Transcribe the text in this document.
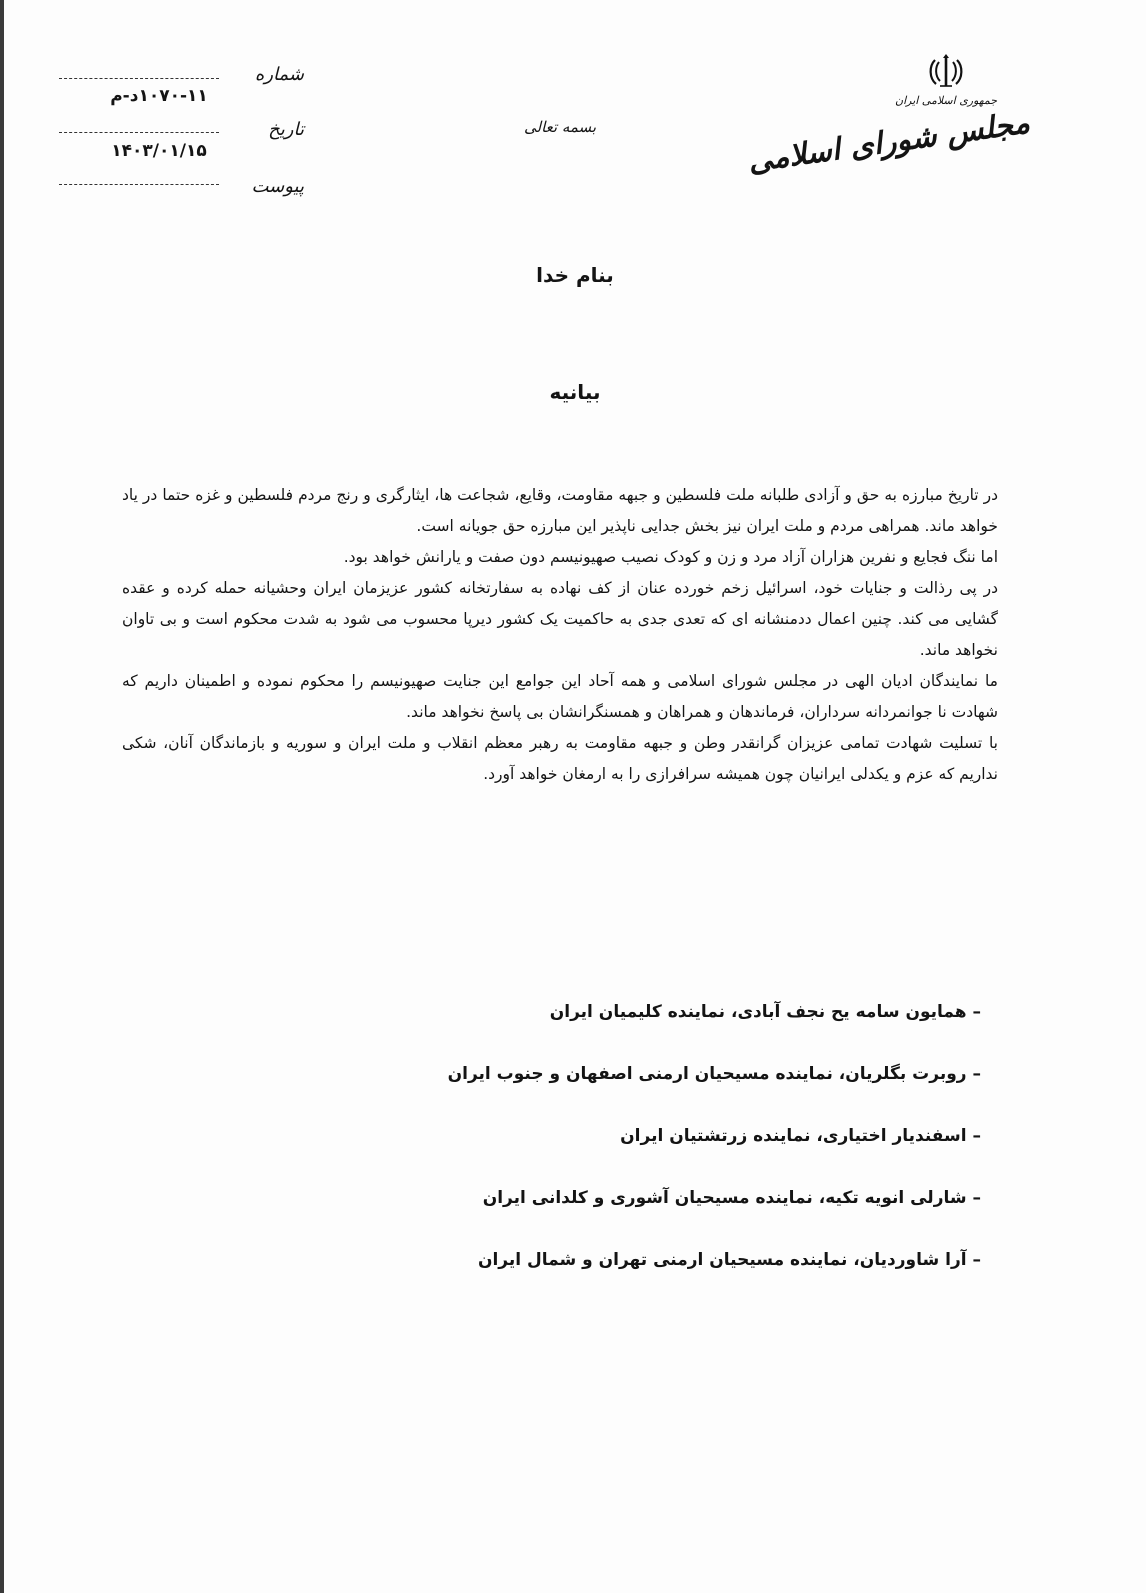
جمهوری اسلامی ایران
مجلس شورای اسلامی
بسمه تعالی
شماره
۱۰۷۰-۱۱د-م
تاریخ
۱۴۰۳/۰۱/۱۵
پیوست
بنام خدا
بیانیه

در تاریخ مبارزه به حق و آزادی طلبانه ملت فلسطین و جبهه مقاومت، وقایع، شجاعت ها، ایثارگری و رنج مردم فلسطین و غزه حتما در یاد خواهد ماند. همراهی مردم و ملت ایران نیز بخش جدایی ناپذیر این مبارزه حق جویانه است.

اما ننگ فجایع و نفرین هزاران آزاد مرد و زن و کودک نصیب صهیونیسم دون صفت و یارانش خواهد بود.

در پی رذالت و جنایات خود، اسرائیل زخم خورده عنان از کف نهاده به سفارتخانه کشور عزیزمان ایران وحشیانه حمله کرده و عقده گشایی می کند. چنین اعمال ددمنشانه ای که تعدی جدی به حاکمیت یک کشور دیرپا محسوب می شود به شدت محکوم است و بی تاوان نخواهد ماند.

ما نمایندگان ادیان الهی در مجلس شورای اسلامی و همه آحاد این جوامع این جنایت صهیونیسم را محکوم نموده و اطمینان داریم که شهادت نا جوانمردانه سرداران، فرماندهان و همراهان و همسنگرانشان بی پاسخ نخواهد ماند.

با تسلیت شهادت تمامی عزیزان گرانقدر وطن و جبهه مقاومت به رهبر معظم انقلاب و ملت ایران و سوریه و بازماندگان آنان، شکی نداریم که عزم و یکدلی ایرانیان چون همیشه سرافرازی را به ارمغان خواهد آورد.

– همایون سامه یح نجف آبادی، نماینده کلیمیان ایران
– روبرت بگلریان، نماینده مسیحیان ارمنی اصفهان و جنوب ایران
– اسفندیار اختیاری، نماینده زرتشتیان ایران
– شارلی انویه تکیه، نماینده مسیحیان آشوری و کلدانی ایران
– آرا شاوردیان، نماینده مسیحیان ارمنی تهران و شمال ایران
